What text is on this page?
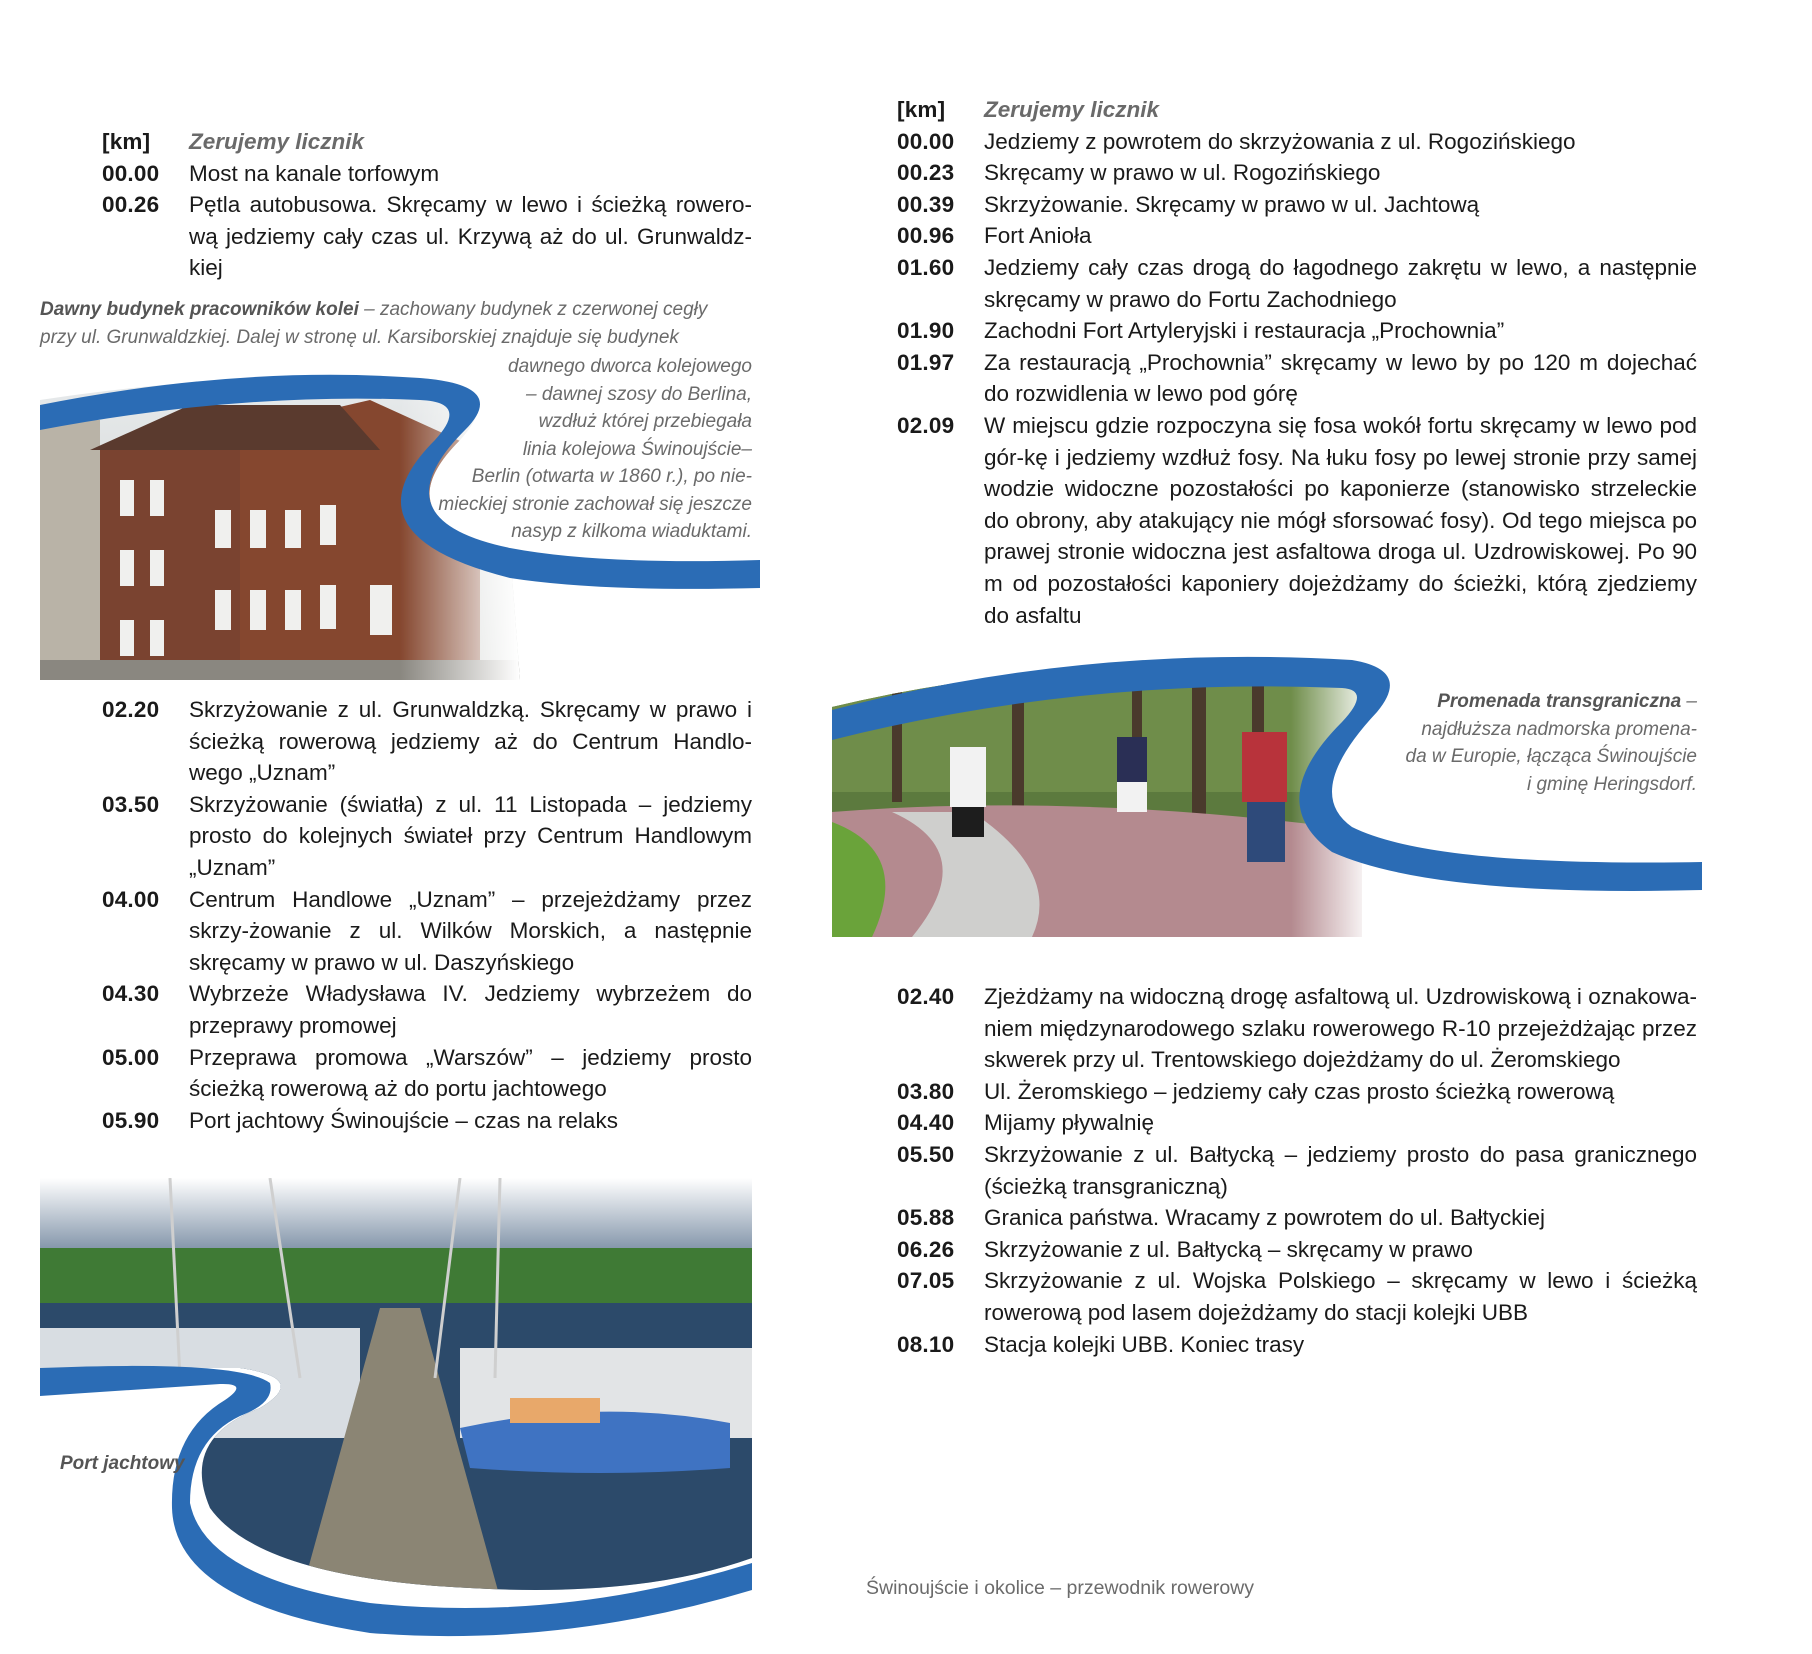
[km]	Zerujemy licznik
00.00	Most na kanale torfowym
00.26	Pętla autobusowa. Skręcamy w lewo i ścieżką rowero-wą jedziemy cały czas ul. Krzywą aż do ul. Grunwaldz-kiej
Dawny budynek pracowników kolei – zachowany budynek z czerwonej cegły
przy ul. Grunwaldzkiej. Dalej w stronę ul. Karsiborskiej znajduje się budynek
dawnego dworca kolejowego
– dawnej szosy do Berlina,
wzdłuż której przebiegała
linia kolejowa Świnoujście–
Berlin (otwarta w 1860 r.), po nie-
mieckiej stronie zachował się jeszcze
nasyp z kilkoma wiaduktami.
02.20	Skrzyżowanie z ul. Grunwaldzką. Skręcamy w prawo i ścieżką rowerową jedziemy aż do Centrum Handlo-wego „Uznam”
03.50	Skrzyżowanie (światła) z ul. 11 Listopada – jedziemy prosto do kolejnych świateł przy Centrum Handlowym „Uznam”
04.00	Centrum Handlowe „Uznam” – przejeżdżamy przez skrzy-żowanie z ul. Wilków Morskich, a następnie skręcamy w prawo w ul. Daszyńskiego
04.30	Wybrzeże Władysława IV. Jedziemy wybrzeżem do przeprawy promowej
05.00	Przeprawa promowa „Warszów” – jedziemy prosto ścieżką rowerową aż do portu jachtowego
05.90	Port jachtowy Świnoujście – czas na relaks
Port jachtowy
[km]	Zerujemy licznik
00.00	Jedziemy z powrotem do skrzyżowania z ul. Rogozińskiego
00.23	Skręcamy w prawo w ul. Rogozińskiego
00.39	Skrzyżowanie. Skręcamy w prawo w ul. Jachtową
00.96	Fort Anioła
01.60	Jedziemy cały czas drogą do łagodnego zakrętu w lewo, a następnie skręcamy w prawo do Fortu Zachodniego
01.90	Zachodni Fort Artyleryjski i restauracja „Prochownia”
01.97	Za restauracją „Prochownia” skręcamy w lewo by po 120 m dojechać do rozwidlenia w lewo pod górę
02.09	W miejscu gdzie rozpoczyna się fosa wokół fortu skręcamy w lewo pod gór-kę i jedziemy wzdłuż fosy. Na łuku fosy po lewej stronie przy samej wodzie widoczne pozostałości po kaponierze (stanowisko strzeleckie do obrony, aby atakujący nie mógł sforsować fosy). Od tego miejsca po prawej stronie widoczna jest asfaltowa droga ul. Uzdrowiskowej. Po 90 m od pozostałości kaponiery dojeżdżamy do ścieżki, którą zjedziemy do asfaltu
Promenada transgraniczna –
najdłuższa nadmorska promena-
da w Europie, łącząca Świnoujście
i gminę Heringsdorf.
02.40	Zjeżdżamy na widoczną drogę asfaltową ul. Uzdrowiskową i oznakowa-niem międzynarodowego szlaku rowerowego R-10 przejeżdżając przez skwerek przy ul. Trentowskiego dojeżdżamy do ul. Żeromskiego
03.80	Ul. Żeromskiego – jedziemy cały czas prosto ścieżką rowerową
04.40	Mijamy pływalnię
05.50	Skrzyżowanie z ul. Bałtycką – jedziemy prosto do pasa granicznego (ścieżką transgraniczną)
05.88	Granica państwa. Wracamy z powrotem do ul. Bałtyckiej
06.26	Skrzyżowanie z ul. Bałtycką – skręcamy w prawo
07.05	Skrzyżowanie z ul. Wojska Polskiego – skręcamy w lewo i ścieżką rowerową pod lasem dojeżdżamy do stacji kolejki UBB
08.10	Stacja kolejki UBB. Koniec trasy
Świnoujście i okolice – przewodnik rowerowy
